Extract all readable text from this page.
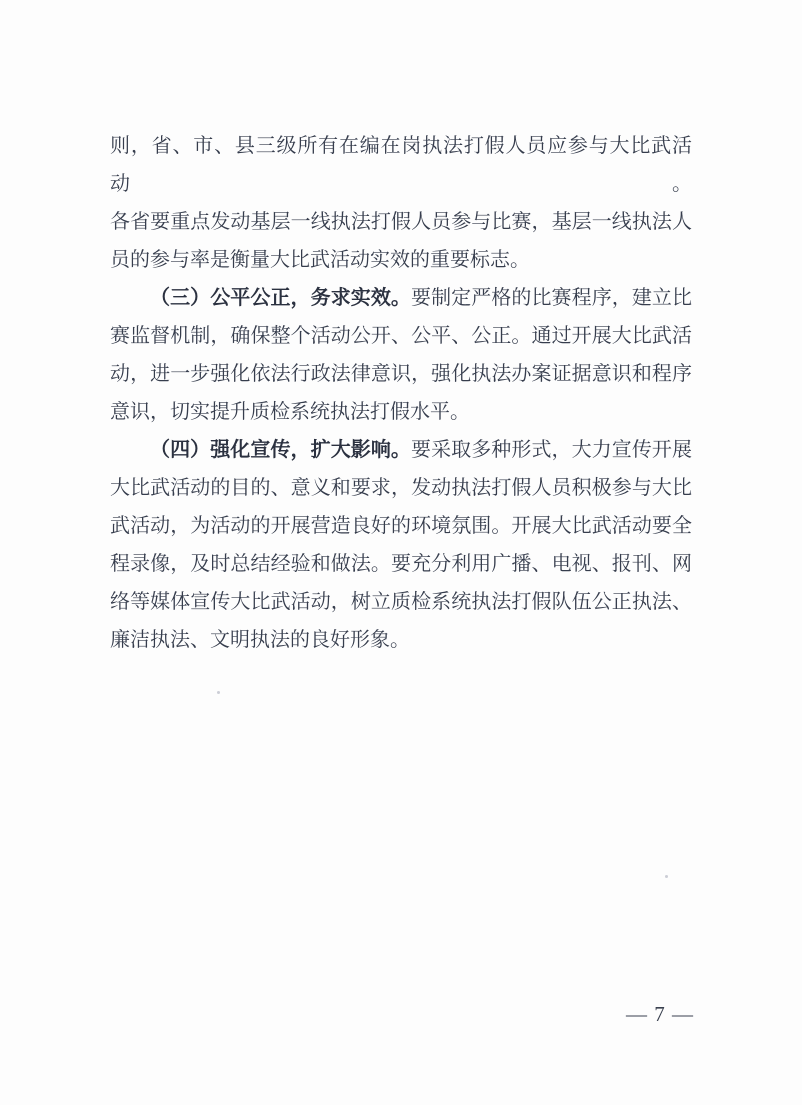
则，省、市、县三级所有在编在岗执法打假人员应参与大比武活动。
各省要重点发动基层一线执法打假人员参与比赛，基层一线执法人
员的参与率是衡量大比武活动实效的重要标志。
（三）公平公正，务求实效。要制定严格的比赛程序，建立比
赛监督机制，确保整个活动公开、公平、公正。通过开展大比武活
动，进一步强化依法行政法律意识，强化执法办案证据意识和程序
意识，切实提升质检系统执法打假水平。
（四）强化宣传，扩大影响。要采取多种形式，大力宣传开展
大比武活动的目的、意义和要求，发动执法打假人员积极参与大比
武活动，为活动的开展营造良好的环境氛围。开展大比武活动要全
程录像，及时总结经验和做法。要充分利用广播、电视、报刊、网
络等媒体宣传大比武活动，树立质检系统执法打假队伍公正执法、
廉洁执法、文明执法的良好形象。
— 7 —
